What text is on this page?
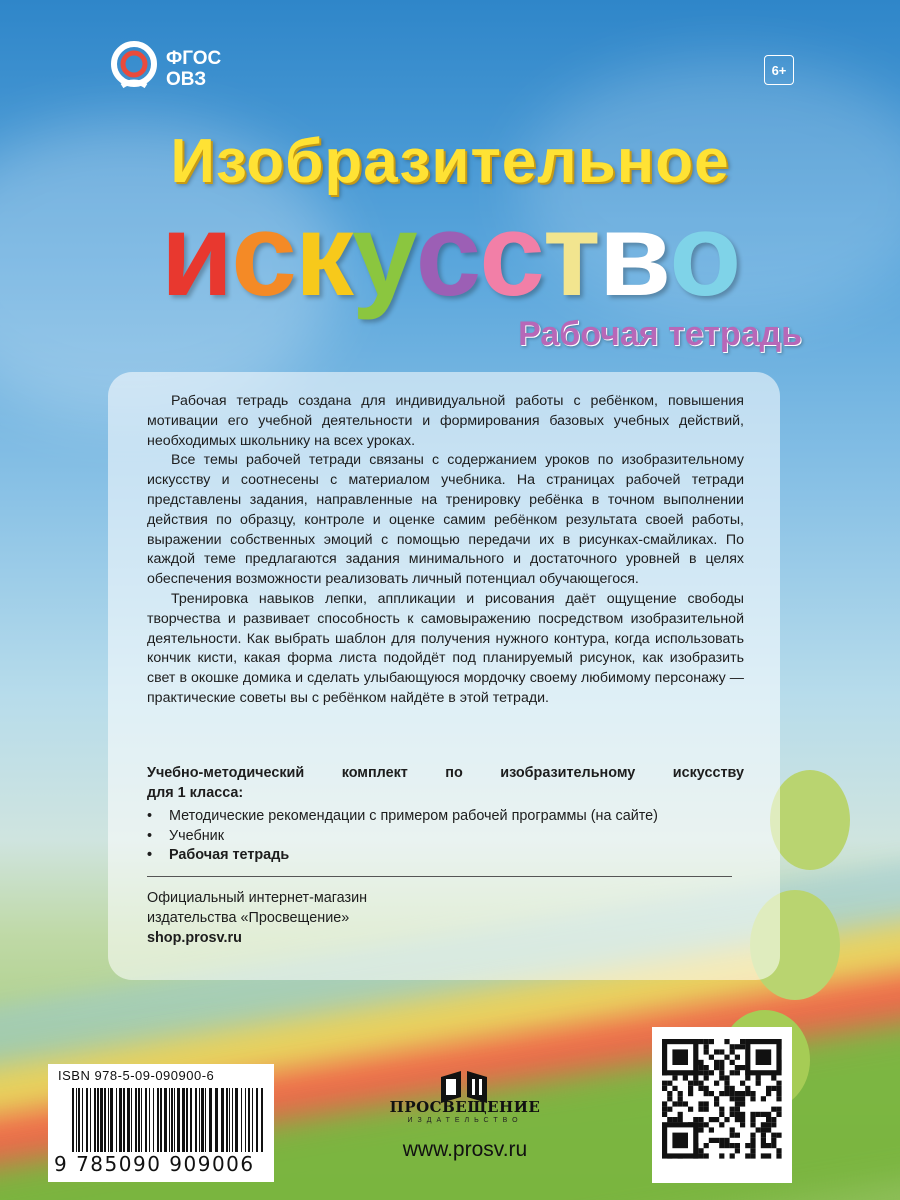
ФГОС
ОВЗ	6+
Изобразительное
искусство
Рабочая тетрадь

Рабочая тетрадь создана для индивидуальной работы с ребёнком, повышения мотивации его учебной деятельности и формирования базовых учебных действий, необходимых школьнику на всех уроках.

Все темы рабочей тетради связаны с содержанием уроков по изобразительному искусству и соотнесены с материалом учебника. На страницах рабочей тетради представлены задания, направленные на тренировку ребёнка в точном выполнении действия по образцу, контроле и оценке самим ребёнком результата своей работы, выражении собственных эмоций с помощью передачи их в рисунках-смайликах. По каждой теме предлагаются задания минимального и достаточного уровней в целях обеспечения возможности реализовать личный потенциал обучающегося.

Тренировка навыков лепки, аппликации и рисования даёт ощущение свободы творчества и развивает способность к самовыражению посредством изобразительной деятельности. Как выбрать шаблон для получения нужного контура, когда использовать кончик кисти, какая форма листа подойдёт под планируемый рисунок, как изобразить свет в окошке домика и сделать улыбающуюся мордочку своему любимому персонажу — практические советы вы с ребёнком найдёте в этой тетради.

Учебно-методический комплект по изобразительному искусству
для 1 класса:
• Методические рекомендации с примером рабочей программы (на сайте)
• Учебник
• Рабочая тетрадь
Официальный интернет-магазин
издательства «Просвещение»
shop.prosv.ru
ISBN 978-5-09-090900-6
9 785090 909006
ПРОСВЕЩЕНИЕ
ИЗДАТЕЛЬСТВО
www.prosv.ru
